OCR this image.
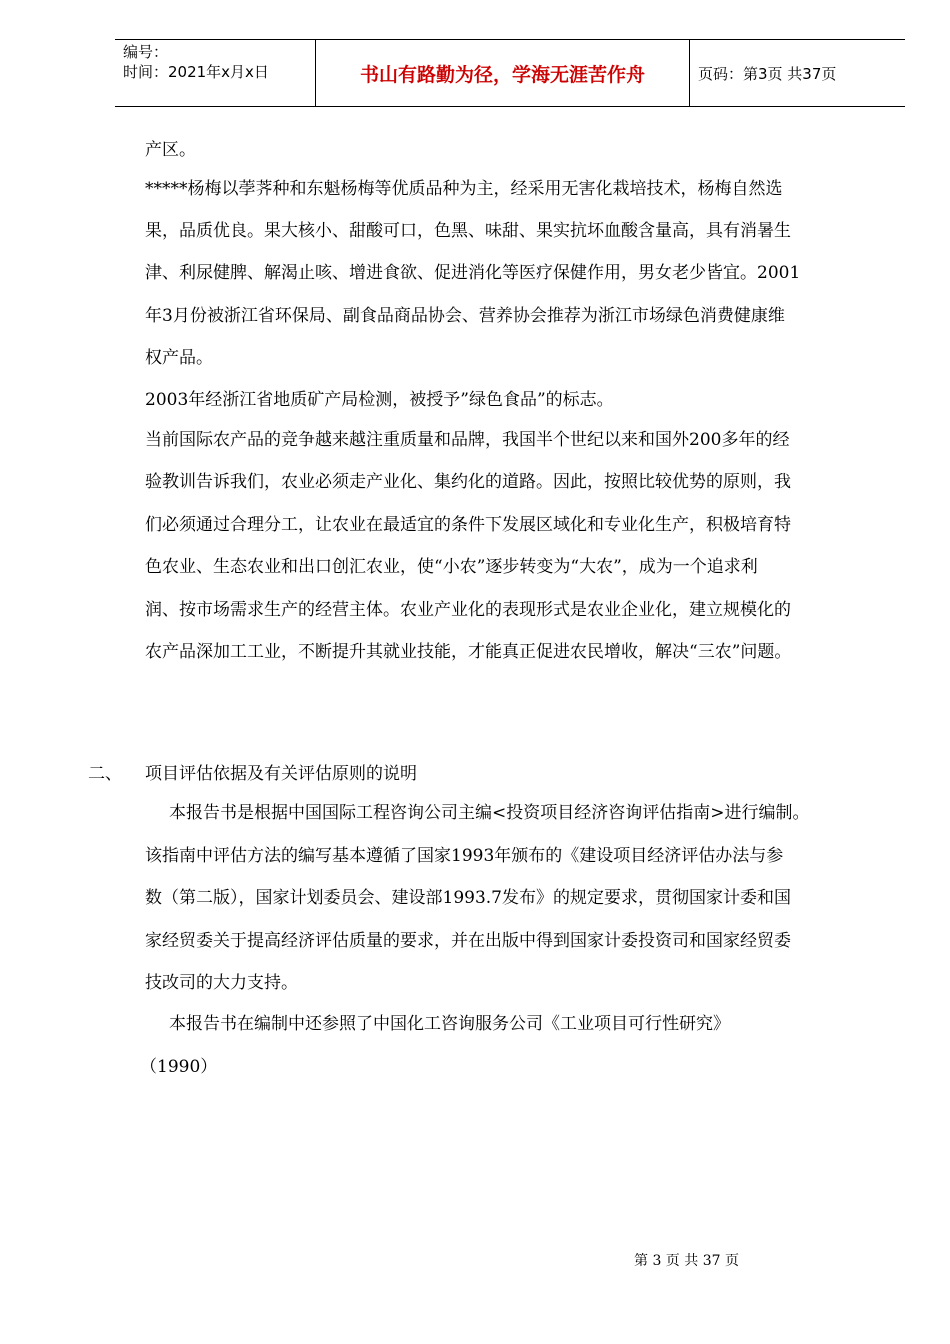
编号：
时间：2021年x月x日	书山有路勤为径，学海无涯苦作舟	页码：第3页 共37页
产区。
*****杨梅以荸荠种和东魁杨梅等优质品种为主，经采用无害化栽培技术，杨梅自然选
果，品质优良。果大核小、甜酸可口，色黑、味甜、果实抗坏血酸含量高，具有消暑生
津、利尿健脾、解渴止咳、增进食欲、促进消化等医疗保健作用，男女老少皆宜。2001
年3月份被浙江省环保局、副食品商品协会、营养协会推荐为浙江市场绿色消费健康维
权产品。
2003年经浙江省地质矿产局检测，被授予”绿色食品”的标志。
当前国际农产品的竞争越来越注重质量和品牌，我国半个世纪以来和国外200多年的经
验教训告诉我们，农业必须走产业化、集约化的道路。因此，按照比较优势的原则，我
们必须通过合理分工，让农业在最适宜的条件下发展区域化和专业化生产，积极培育特
色农业、生态农业和出口创汇农业，使“小农”逐步转变为“大农”，成为一个追求利
润、按市场需求生产的经营主体。农业产业化的表现形式是农业企业化，建立规模化的
农产品深加工工业，不断提升其就业技能，才能真正促进农民增收，解决“三农”问题。
二、 项目评估依据及有关评估原则的说明
本报告书是根据中国国际工程咨询公司主编<投资项目经济咨询评估指南>进行编制。
该指南中评估方法的编写基本遵循了国家1993年颁布的《建设项目经济评估办法与参
数（第二版），国家计划委员会、建设部1993.7发布》的规定要求，贯彻国家计委和国
家经贸委关于提高经济评估质量的要求，并在出版中得到国家计委投资司和国家经贸委
技改司的大力支持。
本报告书在编制中还参照了中国化工咨询服务公司《工业项目可行性研究》
（1990）
第 3 页 共 37 页
